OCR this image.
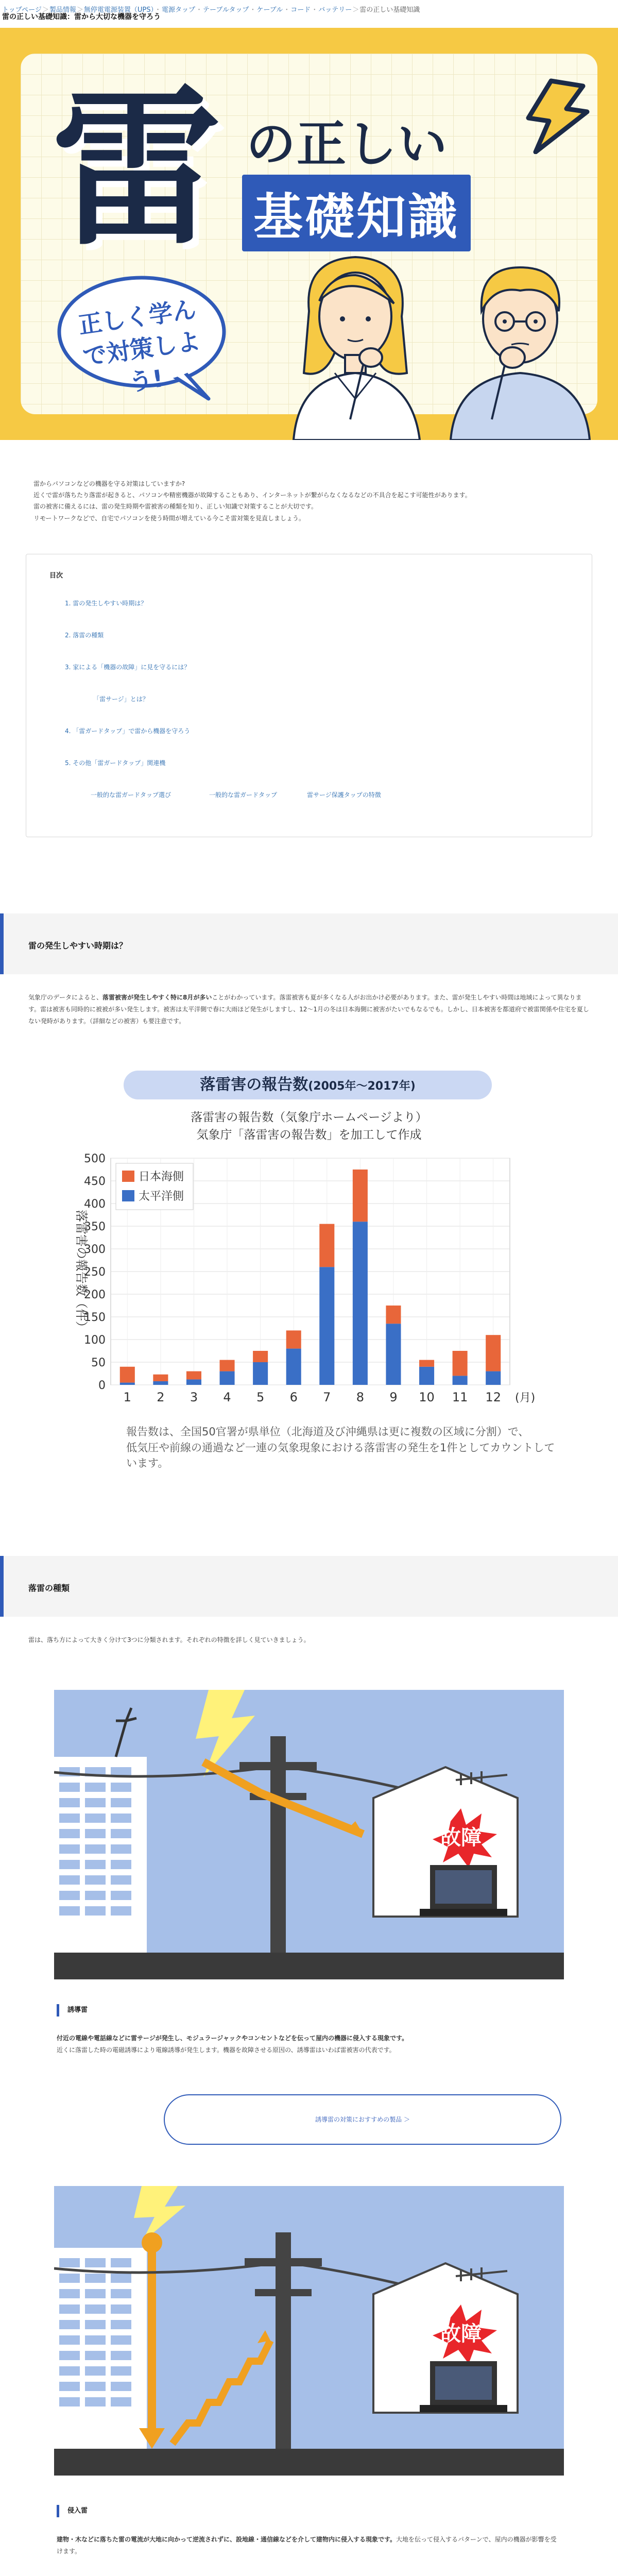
トップページ＞製品情報＞無停電電源装置（UPS）・電源タップ・テーブルタップ・ケーブル・コード・バッテリー＞雷の正しい基礎知識
雷の正しい基礎知識：雷から大切な機器を守ろう
雷 の正しい
基礎知識
正しく学んで対策しよう!

雷からパソコンなどの機器を守る対策はしていますか?

近くで雷が落ちたり落雷が起きると、パソコンや精密機器が故障することもあり、インターネットが繋がらなくなるなどの不具合を起こす可能性があります。

雷の被害に備えるには、雷の発生時期や雷被害の種類を知り、正しい知識で対策することが大切です。

リモートワークなどで、自宅でパソコンを使う時間が増えている今こそ雷対策を見直しましょう。

目次
1. 雷の発生しやすい時期は？
2. 落雷の種類
3. 家による「機器の故障」に見を守るには？
「雷サージ」とは？
4. 「雷ガードタップ」で雷から機器を守ろう
5. その他「雷ガードタップ」関連機
一般的な雷ガードタップ選び	一般的な雷ガードタップ	雷サージ保護タップの特徴
雷の発生しやすい時期は？

気象庁のデータによると、落雷被害が発生しやすく特に8月が多いことがわかっています。落雷被害も夏が多くなる人がお出かけ必要があります。また、雷が発生しやすい時間は地域によって異なります。雷は被害も同時的に被被が多い発生します。被害は太平洋側で春に大雨ほど発生がしますし、12～1月の冬は日本海側に被害がたいでもなるでも。しかし、日本被害を都道府で被雷関係や住宅を夏しない発時があります。（詳細などの被害）も要注意です。

落雷害の報告数(2005年～2017年)
落雷害の報告数（気象庁ホームページより）
気象庁「落雷害の報告数」を加工して作成
0
50
100
150
200
250
300
350
400
450
500
1 2 3 4 5 6 7 8 9 10 11 12 (月)
落雷害の報告数（件）
日本海側
太平洋側
報告数は、全国50官署が県単位（北海道及び沖縄県は更に複数の区域に分割）で、
低気圧や前線の通過など一連の気象現象における落雷害の発生を1件としてカウントしています。
落雷の種類

雷は、落ち方によって大きく分けて3つに分類されます。それぞれの特徴を詳しく見ていきましょう。

故障
誘導雷
付近の電線や電話線などに雷サージが発生し、モジュラージャックやコンセントなどを伝って屋内の機器に侵入する現象です。
近くに落雷した時の電磁誘導により電線誘導が発生します。機器を故障させる原因の、誘導雷はいわば雷被害の代表です。
誘導雷の対策におすすめの製品 ＞
故障
侵入雷
建物・木などに落ちた雷の電流が大地に向かって逆流されずに、設地線・通信線などを介して建物内に侵入する現象です。大地を伝って侵入するパターンで、屋内の機器が影響を受けます。
